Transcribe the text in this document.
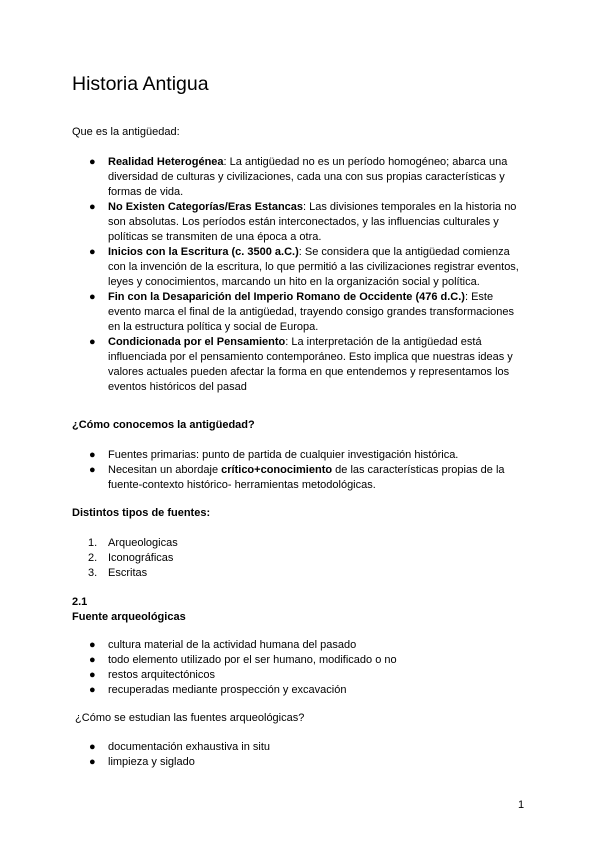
Historia Antigua
Que es la antigüedad:
● Realidad Heterogénea: La antigüedad no es un período homogéneo; abarca una diversidad de culturas y civilizaciones, cada una con sus propias características y formas de vida.
● No Existen Categorías/Eras Estancas: Las divisiones temporales en la historia no son absolutas. Los períodos están interconectados, y las influencias culturales y políticas se transmiten de una época a otra.
● Inicios con la Escritura (c. 3500 a.C.): Se considera que la antigüedad comienza con la invención de la escritura, lo que permitió a las civilizaciones registrar eventos, leyes y conocimientos, marcando un hito en la organización social y política.
● Fin con la Desaparición del Imperio Romano de Occidente (476 d.C.): Este evento marca el final de la antigüedad, trayendo consigo grandes transformaciones en la estructura política y social de Europa.
● Condicionada por el Pensamiento: La interpretación de la antigüedad está influenciada por el pensamiento contemporáneo. Esto implica que nuestras ideas y valores actuales pueden afectar la forma en que entendemos y representamos los eventos históricos del pasad
¿Cómo conocemos la antigüedad?
● Fuentes primarias: punto de partida de cualquier investigación histórica.
● Necesitan un abordaje crítico+conocimiento de las características propias de la fuente-contexto histórico- herramientas metodológicas.
Distintos tipos de fuentes:
1. Arqueologicas
2. Iconográficas
3. Escritas
2.1
Fuente arqueológicas
● cultura material de la actividad humana del pasado
● todo elemento utilizado por el ser humano, modificado o no
● restos arquitectónicos
● recuperadas mediante prospección y excavación
¿Cómo se estudian las fuentes arqueológicas?
● documentación exhaustiva in situ
● limpieza y siglado
1
